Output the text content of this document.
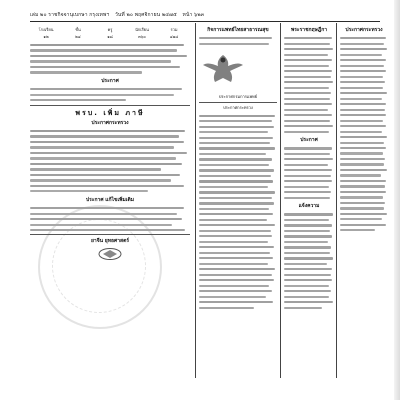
เล่ม ๒๐ ราชกิจจานุเบกษา กรุงเทพฯ วันที่ ๒๐ พฤศจิกายน ๒๔๗๕ หน้า ๖๒๓
โรงเรียน	ชั้น	ครู	นักเรียน	รวม
๑๒	๒๔	๑๘	๓๖๐	๔๑๔
ประกาศ
พรบ. เพิ่ม ภาษี
ประกาศกระทรวง
ประกาศ แก้ไขเพิ่มเติม
ยาจีน ยุทธศาสตร์
กิจการแพทย์ไทยสาธารณสุข
ประกาศกรมการแพทย์
ประกาศกระทรวง
พระราชกฤษฎีกา
ประกาศ
แจ้งความ
ประกาศกระทรวง
